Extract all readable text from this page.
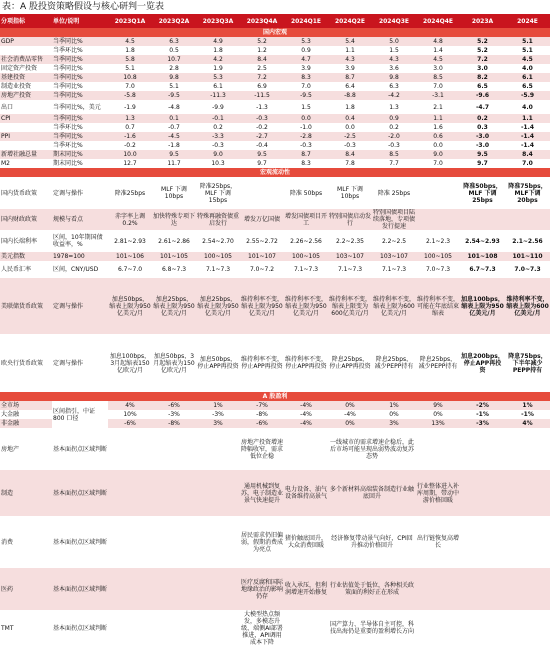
表：A 股投资策略假设与核心研判一览表
分项指标	单位/说明	2023Q1A	2023Q2A	2023Q3A	2023Q4A	2024Q1E	2024Q2E	2024Q3E	2024Q4E	2023A	2024E	
国内宏观												
GDP	当季同比%	4.5	6.3	4.9	5.2	5.3	5.4	5.0	4.8	5.2	5.1	
	当季环比%	1.8	0.5	1.8	1.2	0.9	1.1	1.5	1.4	5.2	5.1	
社会消费品零售	当季同比%	5.8	10.7	4.2	8.4	4.7	4.3	4.3	4.5	7.2	4.5	
固定资产投资	当季同比%	5.1	2.8	1.9	2.5	3.9	3.9	3.6	3.0	3.0	4.0	
基建投资	当季同比%	10.8	9.8	5.3	7.2	8.3	8.7	9.8	8.5	8.2	6.1	
制造业投资	当季同比%	7.0	5.1	6.1	6.9	7.0	6.4	6.3	7.0	6.5	6.5	
房地产投资	当季同比%	-5.8	-9.5	-11.3	-11.5	-9.5	-8.8	-4.2	-3.1	-9.6	-5.9	
出口	当季同比%，美元	-1.9	-4.8	-9.9	-1.3	1.5	1.8	1.3	2.1	-4.7	4.0	
CPI	当季同比%	1.3	0.1	-0.1	-0.3	0.0	0.4	0.9	1.1	0.2	1.1	
	当季环比%	0.7	-0.7	0.2	-0.2	-1.0	0.0	0.2	1.6	0.3	-1.4	
PPI	当季同比%	-1.6	-4.5	-3.3	-2.7	-2.8	-2.5	-2.0	0.6	-3.0	-1.4	
	当季环比%	-0.2	-1.8	-0.3	-0.4	-0.3	-0.3	-0.3	0.0	-3.0	-1.4	
新增社融总量	期末同比%	10.0	9.5	9.0	9.5	8.7	8.4	8.5	9.0	9.5	8.4	
M2	期末同比%	12.7	11.7	10.3	9.7	8.3	7.8	7.7	7.0	9.7	7.0	
宏观流动性												
国内货币政策	定调与操作	降准25bps	MLF 下调10bps	降准25bps，MLF 下调15bps		降准 50bps	MLF 下调10bps	降准 25bps		降准50bps，MLF 下调25bps	降准75bps，MLF下调20bps	
国内财政政策	规模与看点	赤字率上调0.2%	加快特殊专项下达	特殊再融资债重启发行	增发万亿国债	增发国债项目开工	特别国债启动发行	特别国债项目陆续落地，专项债发行提速				
国内长端利率	区间，10年期国债收益率，%	2.81~2.93	2.61~2.86	2.54~2.70	2.55~2.72	2.26~2.56	2.2~2.35	2.2~2.5	2.1~2.3	2.54~2.93	2.1~2.56	
美元指数	1978=100	101~106	101~105	100~105	101~107	100~105	103~107	103~107	100~105	101~108	101~110	
人民币汇率	区间，CNY/USD	6.7~7.0	6.8~7.3	7.1~7.3	7.0~7.2	7.1~7.3	7.1~7.3	7.1~7.3	7.0~7.3	6.7~7.3	7.0~7.3	
美联储货币政策	定调与操作	加息50bps，缩表上限为950亿美元/月	加息25bps，缩表上限为950亿美元/月	加息25bps，缩表上限为950亿美元/月	维持利率不变，缩表上限为950亿美元/月	维持利率不变，缩表上限为950亿美元/月	维持利率不变，缩表上限变为600亿美元/月	维持利率不变，缩表上限为600亿美元/月	维持利率不变，可能在年底结束缩表	加息100bps，缩表上限为950亿美元/月	维持利率不变，缩表上限为600亿美元/月	
欧央行货币政策	定调与操作	加息100bps，3月起缩表150亿欧元/月	加息50bps，3月起缩表为150亿欧元/月	加息50bps，停止APP再投资	维持利率不变，停止APP再投资	维持利率不变，停止APP再投资	降息25bps，停止APP再投资	降息25bps，减少PEPP持有	降息25bps，减少PEPP持有	加息200bps，停止APP再投资	降息75bps，下半年减少PEPP持有	
A 股盈利												
全市场	区间指引，中证 800 口径	4%	-6%	1%	-7%	-4%	0%	1%	9%	-2%	1%	
大金融		10%	-3%	-3%	-8%	-4%	-4%	0%	0%	-1%	-1%	
非金融		-6%	-8%	3%	-6%	-4%	0%	3%	13%	-3%	4%	
房地产	基本面拐点区域判断				房地产投资增速降幅收窄，需求低位企稳		一线城市的需求增速企稳后，此后市场可能呈现出弱势波动复苏态势					
制造	基本面拐点区域判断				通用机械到复苏，电子制造业景气快速提升	电力设备、油气设备维持高景气	多个新材料高端装备制造行业触底回升		行业整体进入补库周期，带动中游价格回暖			
消费	基本面拐点区域判断				居民需求仍旧偏弱，假期消费成为亮点	猪价触底回升，大众消费回暖	经济修复带动景气向好，CPI回升推动价格回升		出行链恢复高增长			
医药	基本面拐点区域判断				医疗反腐和国际地缘政治的影响仍存	收入承压，但利润增速开始修复	行业估值处于低位，各种相关政策面的利好正在形成					
TMT	基本面拐点区域判断				大模型热点频发，多模态升级，端侧AI部署推进，API调用成本下降		国产算力、半导体自主可控，科技出海仍是重要的盈利增长方向					
